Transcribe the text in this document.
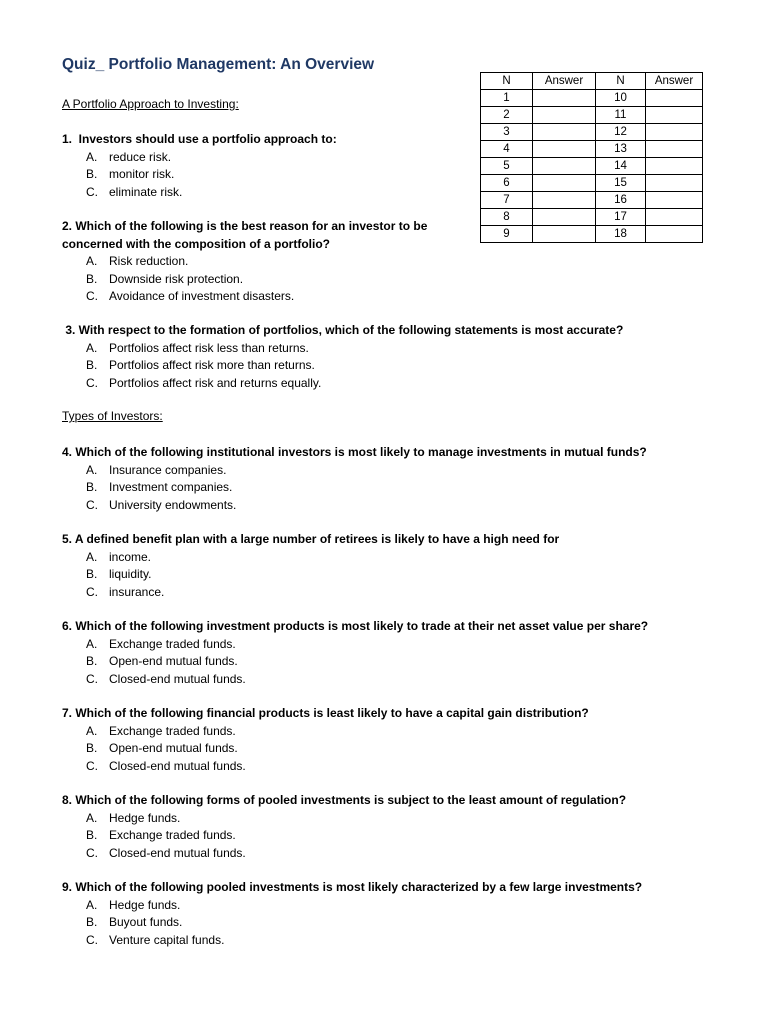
Quiz_ Portfolio Management: An Overview
A Portfolio Approach to Investing:
1.  Investors should use a portfolio approach to:
A. reduce risk.
B. monitor risk.
C. eliminate risk.
2. Which of the following is the best reason for an investor to be
concerned with the composition of a portfolio?
A. Risk reduction.
B. Downside risk protection.
C. Avoidance of investment disasters.
3. With respect to the formation of portfolios, which of the following statements is most accurate?
A. Portfolios affect risk less than returns.
B. Portfolios affect risk more than returns.
C. Portfolios affect risk and returns equally.
Types of Investors:
4. Which of the following institutional investors is most likely to manage investments in mutual funds?
A. Insurance companies.
B. Investment companies.
C. University endowments.
5. A defined benefit plan with a large number of retirees is likely to have a high need for
A. income.
B. liquidity.
C. insurance.
6. Which of the following investment products is most likely to trade at their net asset value per share?
A. Exchange traded funds.
B. Open-end mutual funds.
C. Closed-end mutual funds.
7. Which of the following financial products is least likely to have a capital gain distribution?
A. Exchange traded funds.
B. Open-end mutual funds.
C. Closed-end mutual funds.
8. Which of the following forms of pooled investments is subject to the least amount of regulation?
A. Hedge funds.
B. Exchange traded funds.
C. Closed-end mutual funds.
9. Which of the following pooled investments is most likely characterized by a few large investments?
A. Hedge funds.
B. Buyout funds.
C. Venture capital funds.
N	Answer	N	Answer
1		10	
2		11	
3		12	
4		13	
5		14	
6		15	
7		16	
8		17	
9		18	
